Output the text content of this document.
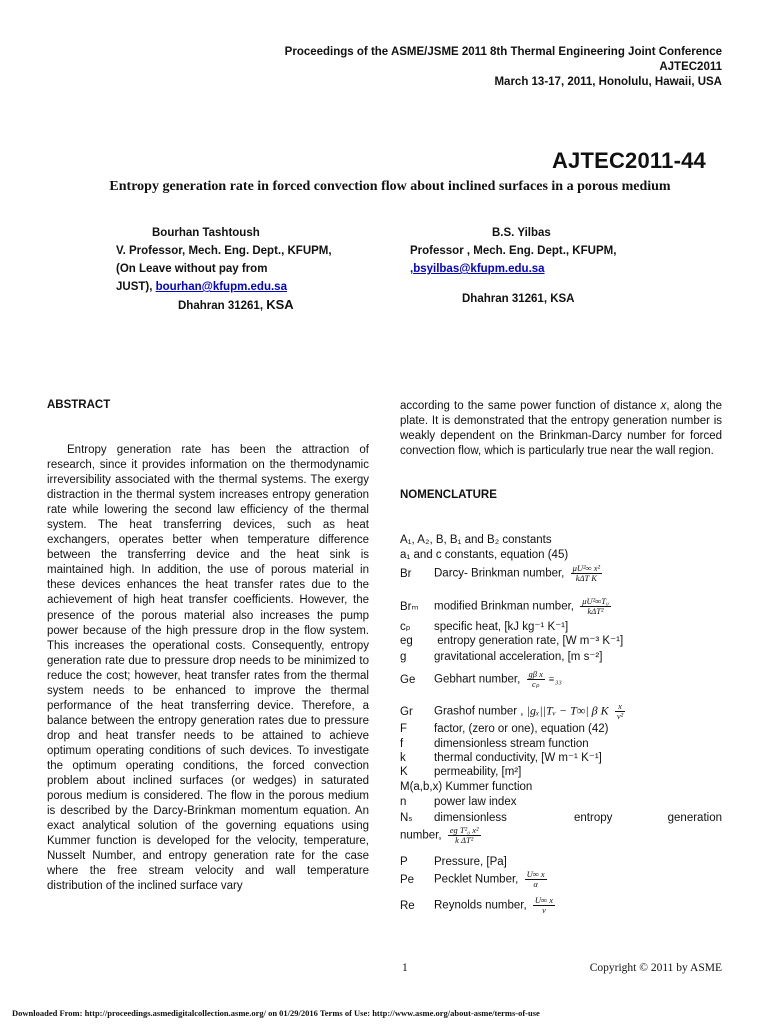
Proceedings of the ASME/JSME 2011 8th Thermal Engineering Joint Conference
AJTEC2011
March 13-17, 2011, Honolulu, Hawaii, USA
AJTEC2011-44
Entropy generation rate in forced convection flow about inclined surfaces in a porous medium
Bourhan Tashtoush
V. Professor, Mech. Eng. Dept., KFUPM,
(On Leave without pay from
JUST), bourhan@kfupm.edu.sa
Dhahran 31261, KSA
B.S. Yilbas
Professor , Mech. Eng. Dept., KFUPM,
,bsyilbas@kfupm.edu.sa
Dhahran 31261, KSA
ABSTRACT
Entropy generation rate has been the attraction of research, since it provides information on the thermodynamic irreversibility associated with the thermal systems. The exergy distraction in the thermal system increases entropy generation rate while lowering the second law efficiency of the thermal system. The heat transferring devices, such as heat exchangers, operates better when temperature difference between the transferring device and the heat sink is maintained high. In addition, the use of porous material in these devices enhances the heat transfer rates due to the achievement of high heat transfer coefficients. However, the presence of the porous material also increases the pump power because of the high pressure drop in the flow system. This increases the operational costs. Consequently, entropy generation rate due to pressure drop needs to be minimized to reduce the cost; however, heat transfer rates from the thermal system needs to be enhanced to improve the thermal performance of the heat transferring device. Therefore, a balance between the entropy generation rates due to pressure drop and heat transfer needs to be attained to achieve optimum operating conditions of such devices. To investigate the optimum operating conditions, the forced convection problem about inclined surfaces (or wedges) in saturated porous medium is considered. The flow in the porous medium is described by the Darcy-Brinkman momentum equation. An exact analytical solution of the governing equations using Kummer function is developed for the velocity, temperature, Nusselt Number, and entropy generation rate for the case where the free stream velocity and wall temperature distribution of the inclined surface vary
according to the same power function of distance x, along the plate. It is demonstrated that the entropy generation number is weakly dependent on the Brinkman-Darcy number for forced convection flow, which is particularly true near the wall region.
NOMENCLATURE
A₁, A₂, B, B₁ and B₂ constants
a₁ and c constants, equation (45)
Br Darcy- Brinkman number, $\frac{\text{μU²∞ x²}}{\text{kΔT K}}$
Brₘ modified Brinkman number, $\frac{\text{μU²∞T₀}}{\text{kΔT²}}$
cₚ specific heat, [kJ kg⁻¹ K⁻¹]
eɡ entropy generation rate, [W m⁻³ K⁻¹]
g gravitational acceleration, [m s⁻²]
Ge Gebhart number, $\frac{\text{gβ x}}{\text{cₚ}} \equiv_{33}$
Gr Grashof number , |gₓ||Tᵥ − T∞| β K $\frac{x}{\text{ν²}}$
F factor, (zero or one), equation (42)
f	dimensionless stream function
k thermal conductivity, [W m⁻¹ K⁻¹]
K permeability, [m²]
M(a,b,x) Kummer function
n power law index
Nₛ dimensionless	entropy	generation
number, $\frac{\text{eɡ T²₀ x²}}{\text{k ΔT²}}$
P Pressure, [Pa]
Pe Pecklet Number, $\frac{U\infty x}{\alpha}$
Re Reynolds number, $\frac{U\infty x}{\nu}$
1	Copyright © 2011 by ASME
Downloaded From: http://proceedings.asmedigitalcollection.asme.org/ on 01/29/2016 Terms of Use: http://www.asme.org/about-asme/terms-of-use
